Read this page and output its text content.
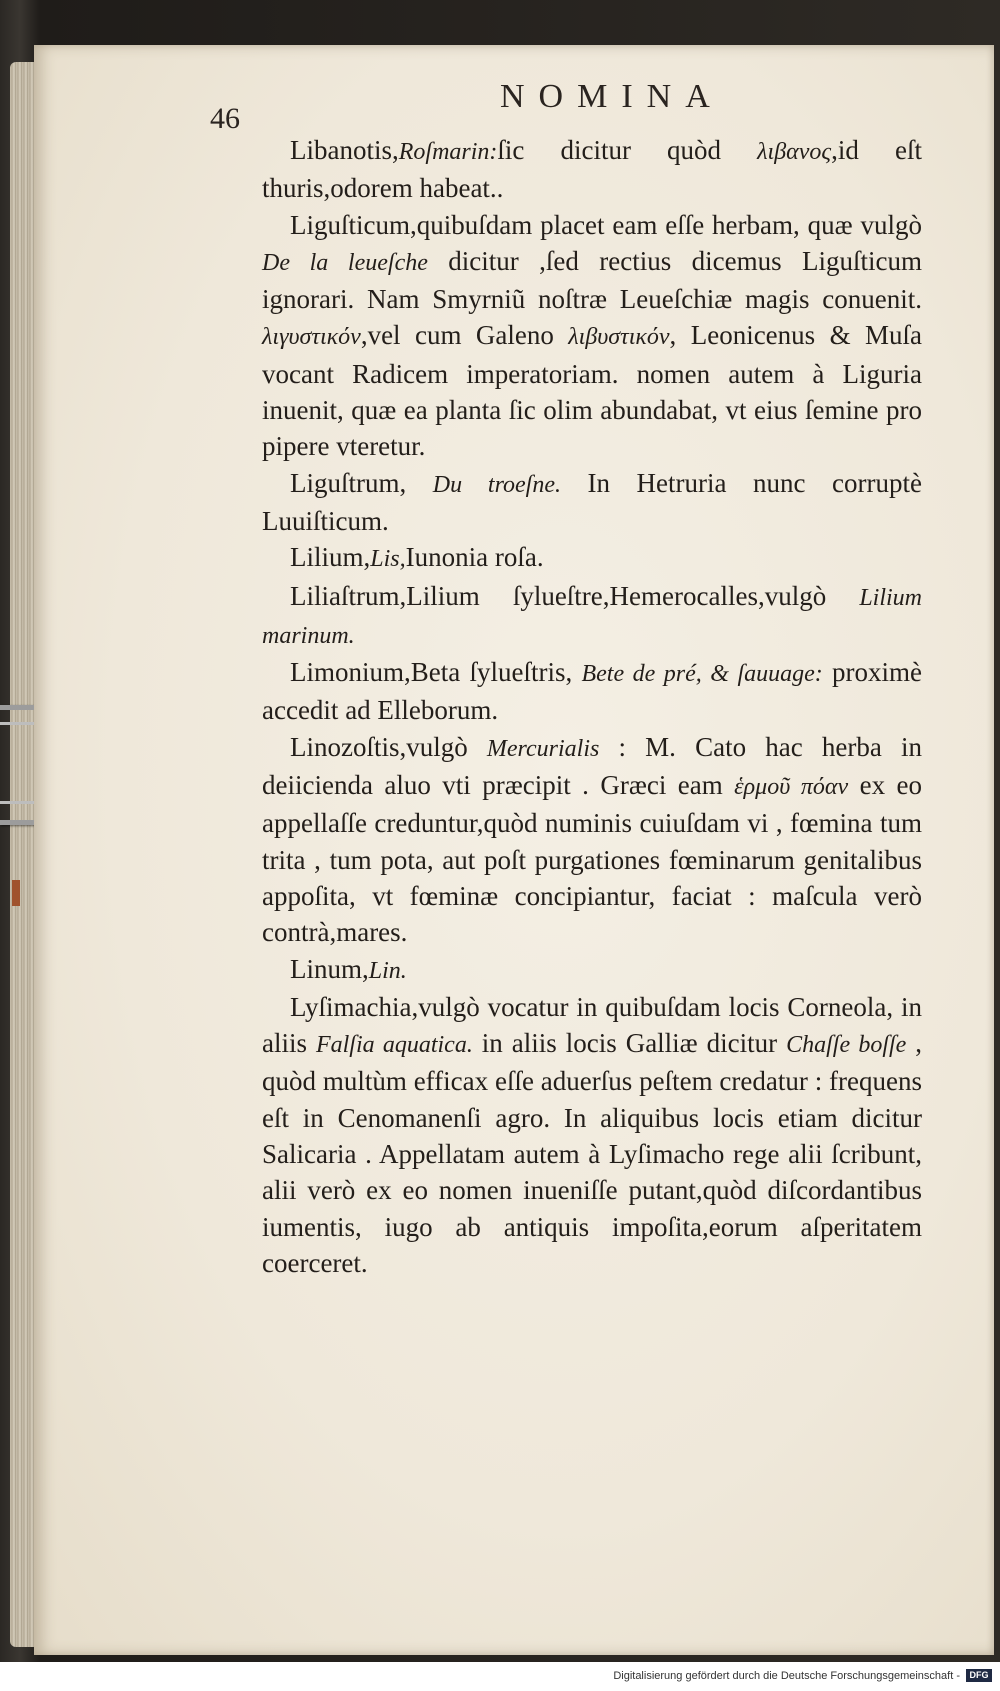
46
NOMINA

Libanotis,Roſmarin:ſic dicitur quòd λιβανος,id eſt thuris,odorem habeat..

Liguſticum,quibuſdam placet eam eſſe herbam, quæ vulgò De la leueſche dicitur ,ſed rectius dicemus Liguſticum ignorari. Nam Smyrniũ noſtræ Leueſchiæ magis conuenit. λιγυστικόν,vel cum Galeno λιβυστικόν, Leonicenus & Muſa vocant Radicem imperatoriam. nomen autem à Liguria inuenit, quæ ea planta ſic olim abundabat, vt eius ſemine pro pipere vteretur.

Liguſtrum, Du troeſne. In Hetruria nunc corruptè Luuiſticum.

Lilium,Lis,Iunonia roſa.

Liliaſtrum,Lilium ſylueſtre,Hemerocalles,vulgò Lilium marinum.

Limonium,Beta ſylueſtris, Bete de pré, & ſauuage: proximè accedit ad Elleborum.

Linozoſtis,vulgò Mercurialis : M. Cato hac herba in deiicienda aluo vti præcipit . Græci eam ἑρμοῦ πόαν ex eo appellaſſe creduntur,quòd numinis cuiuſdam vi , fœmina tum trita , tum pota, aut poſt purgationes fœminarum genitalibus appoſita, vt fœminæ concipiantur, faciat : maſcula verò contrà,mares.

Linum,Lin.

Lyſimachia,vulgò vocatur in quibuſdam locis Corneola, in aliis Falſia aquatica. in aliis locis Galliæ dicitur Chaſſe boſſe , quòd multùm efficax eſſe aduerſus peſtem credatur : frequens eſt in Cenomanenſi agro. In aliquibus locis etiam dicitur Salicaria . Appellatam autem à Lyſimacho rege alii ſcribunt, alii verò ex eo nomen inueniſſe putant,quòd diſcordantibus iumentis, iugo ab antiquis impoſita,eorum aſperitatem coerceret.

Digitalisierung gefördert durch die Deutsche Forschungsgemeinschaft -	DFG
